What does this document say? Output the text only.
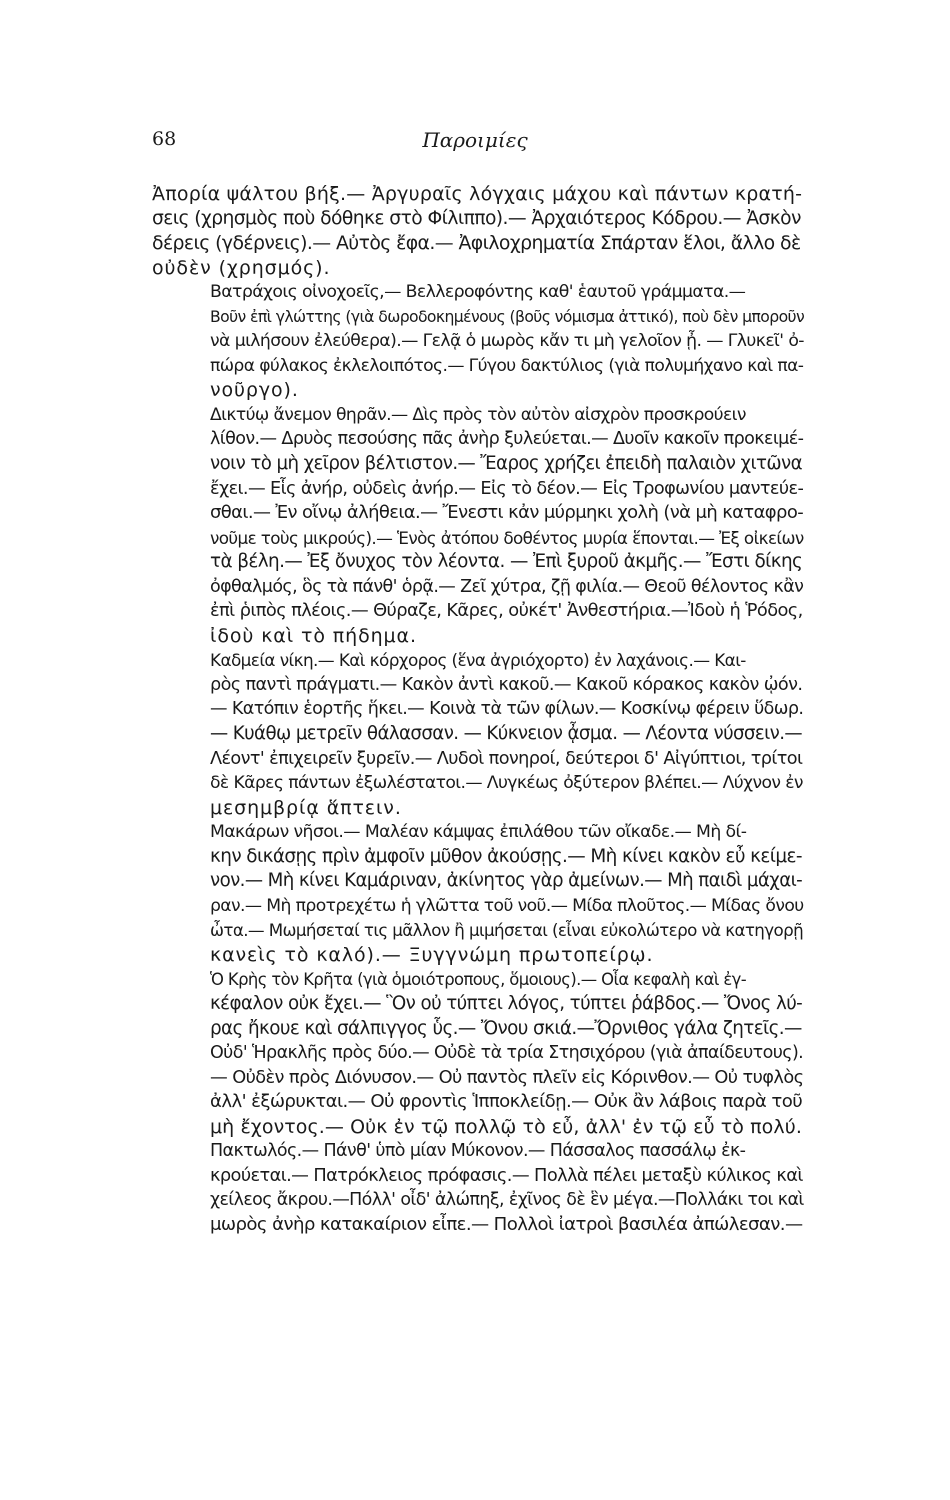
68	Παροιμίες

Ἀπορία ψάλτου βήξ.— Ἀργυραῖς λόγχαις μάχου καὶ πάντων κρατή-
σεις (χρησμὸς ποὺ δόθηκε στὸ Φίλιππο).— Ἀρχαιότερος Κόδρου.— Ἀσκὸν
δέρεις (γδέρνεις).— Αὐτὸς ἔφα.— Ἀφιλοχρηματία Σπάρταν ἕλοι, ἄλλο δὲ
οὐδὲν (χρησμός).

Βατράχοις οἰνοχοεῖς,— Βελλεροφόντης καθ' ἑαυτοῦ γράμματα.—
Βοῦν ἐπὶ γλώττης (γιὰ δωροδοκημένους (βοῦς νόμισμα ἀττικό), ποὺ δὲν μποροῦν
νὰ μιλήσουν ἐλεύθερα).— Γελᾷ ὁ μωρὸς κἄν τι μὴ γελοῖον ᾖ. — Γλυκεῖ' ὀ-
πώρα φύλακος ἐκλελοιπότος.— Γύγου δακτύλιος (γιὰ πολυμήχανο καὶ πα-
νοῦργο).

Δικτύῳ ἄνεμον θηρᾶν.— Δὶς πρὸς τὸν αὐτὸν αἰσχρὸν προσκρούειν
λίθον.— Δρυὸς πεσούσης πᾶς ἀνὴρ ξυλεύεται.— Δυοῖν κακοῖν προκειμέ-
νοιν τὸ μὴ χεῖρον βέλτιστον.— Ἔαρος χρήζει ἐπειδὴ παλαιὸν χιτῶνα
ἔχει.— Εἷς ἀνήρ, οὐδεὶς ἀνήρ.— Εἰς τὸ δέον.— Εἰς Τροφωνίου μαντεύε-
σθαι.— Ἐν οἴνῳ ἀλήθεια.— Ἔνεστι κἀν μύρμηκι χολὴ (νὰ μὴ καταφρο-
νοῦμε τοὺς μικρούς).— Ἑνὸς ἀτόπου δοθέντος μυρία ἕπονται.— Ἐξ οἰκείων
τὰ βέλη.— Ἐξ ὄνυχος τὸν λέοντα. — Ἐπὶ ξυροῦ ἀκμῆς.— Ἔστι δίκης
ὀφθαλμός, ὃς τὰ πάνθ' ὁρᾷ.— Ζεῖ χύτρα, ζῇ φιλία.— Θεοῦ θέλοντος κἂν
ἐπὶ ῥιπὸς πλέοις.— Θύραζε, Κᾶρες, οὐκέτ' Ἀνθεστήρια.—Ἰδοὺ ἡ Ῥόδος,
ἰδοὺ καὶ τὸ πήδημα.

Καδμεία νίκη.— Καὶ κόρχορος (ἕνα ἀγριόχορτο) ἐν λαχάνοις.— Και-
ρὸς παντὶ πράγματι.— Κακὸν ἀντὶ κακοῦ.— Κακοῦ κόρακος κακὸν ᾠόν.
— Κατόπιν ἑορτῆς ἥκει.— Κοινὰ τὰ τῶν φίλων.— Κοσκίνῳ φέρειν ὕδωρ.
— Κυάθῳ μετρεῖν θάλασσαν. — Κύκνειον ᾆσμα. — Λέοντα νύσσειν.—
Λέοντ' ἐπιχειρεῖν ξυρεῖν.— Λυδοὶ πονηροί, δεύτεροι δ' Αἰγύπτιοι, τρίτοι
δὲ Κᾶρες πάντων ἐξωλέστατοι.— Λυγκέως ὀξύτερον βλέπει.— Λύχνον ἐν
μεσημβρίᾳ ἅπτειν.

Μακάρων νῆσοι.— Μαλέαν κάμψας ἐπιλάθου τῶν οἴκαδε.— Μὴ δί-
κην δικάσῃς πρὶν ἀμφοῖν μῦθον ἀκούσῃς.— Μὴ κίνει κακὸν εὖ κείμε-
νον.— Μὴ κίνει Καμάριναν, ἀκίνητος γὰρ ἀμείνων.— Μὴ παιδὶ μάχαι-
ραν.— Μὴ προτρεχέτω ἡ γλῶττα τοῦ νοῦ.— Μίδα πλοῦτος.— Μίδας ὄνου
ὦτα.— Μωμήσεταί τις μᾶλλον ἢ μιμήσεται (εἶναι εὐκολώτερο νὰ κατηγορῇ
κανεὶς τὸ καλό).— Ξυγγνώμη πρωτοπείρῳ.

Ὁ Κρὴς τὸν Κρῆτα (γιὰ ὁμοιότροπους, ὅμοιους).— Οἷα κεφαλὴ καὶ ἐγ-
κέφαλον οὐκ ἔχει.— Ὃν οὐ τύπτει λόγος, τύπτει ῥάβδος.— Ὄνος λύ-
ρας ἤκουε καὶ σάλπιγγος ὗς.— Ὄνου σκιά.—Ὄρνιθος γάλα ζητεῖς.—
Οὐδ' Ἡρακλῆς πρὸς δύο.— Οὐδὲ τὰ τρία Στησιχόρου (γιὰ ἀπαίδευτους).
— Οὐδὲν πρὸς Διόνυσον.— Οὐ παντὸς πλεῖν εἰς Κόρινθον.— Οὐ τυφλὸς
ἀλλ' ἐξώρυκται.— Οὐ φροντὶς Ἱπποκλείδῃ.— Οὐκ ἂν λάβοις παρὰ τοῦ
μὴ ἔχοντος.— Οὐκ ἐν τῷ πολλῷ τὸ εὖ, ἀλλ' ἐν τῷ εὖ τὸ πολύ.

Πακτωλός.— Πάνθ' ὑπὸ μίαν Μύκονον.— Πάσσαλος πασσάλῳ ἐκ-
κρούεται.— Πατρόκλειος πρόφασις.— Πολλὰ πέλει μεταξὺ κύλικος καὶ
χείλεος ἄκρου.—Πόλλ' οἶδ' ἀλώπηξ, ἐχῖνος δὲ ἓν μέγα.—Πολλάκι τοι καὶ
μωρὸς ἀνὴρ κατακαίριον εἶπε.— Πολλοὶ ἰατροὶ βασιλέα ἀπώλεσαν.—
